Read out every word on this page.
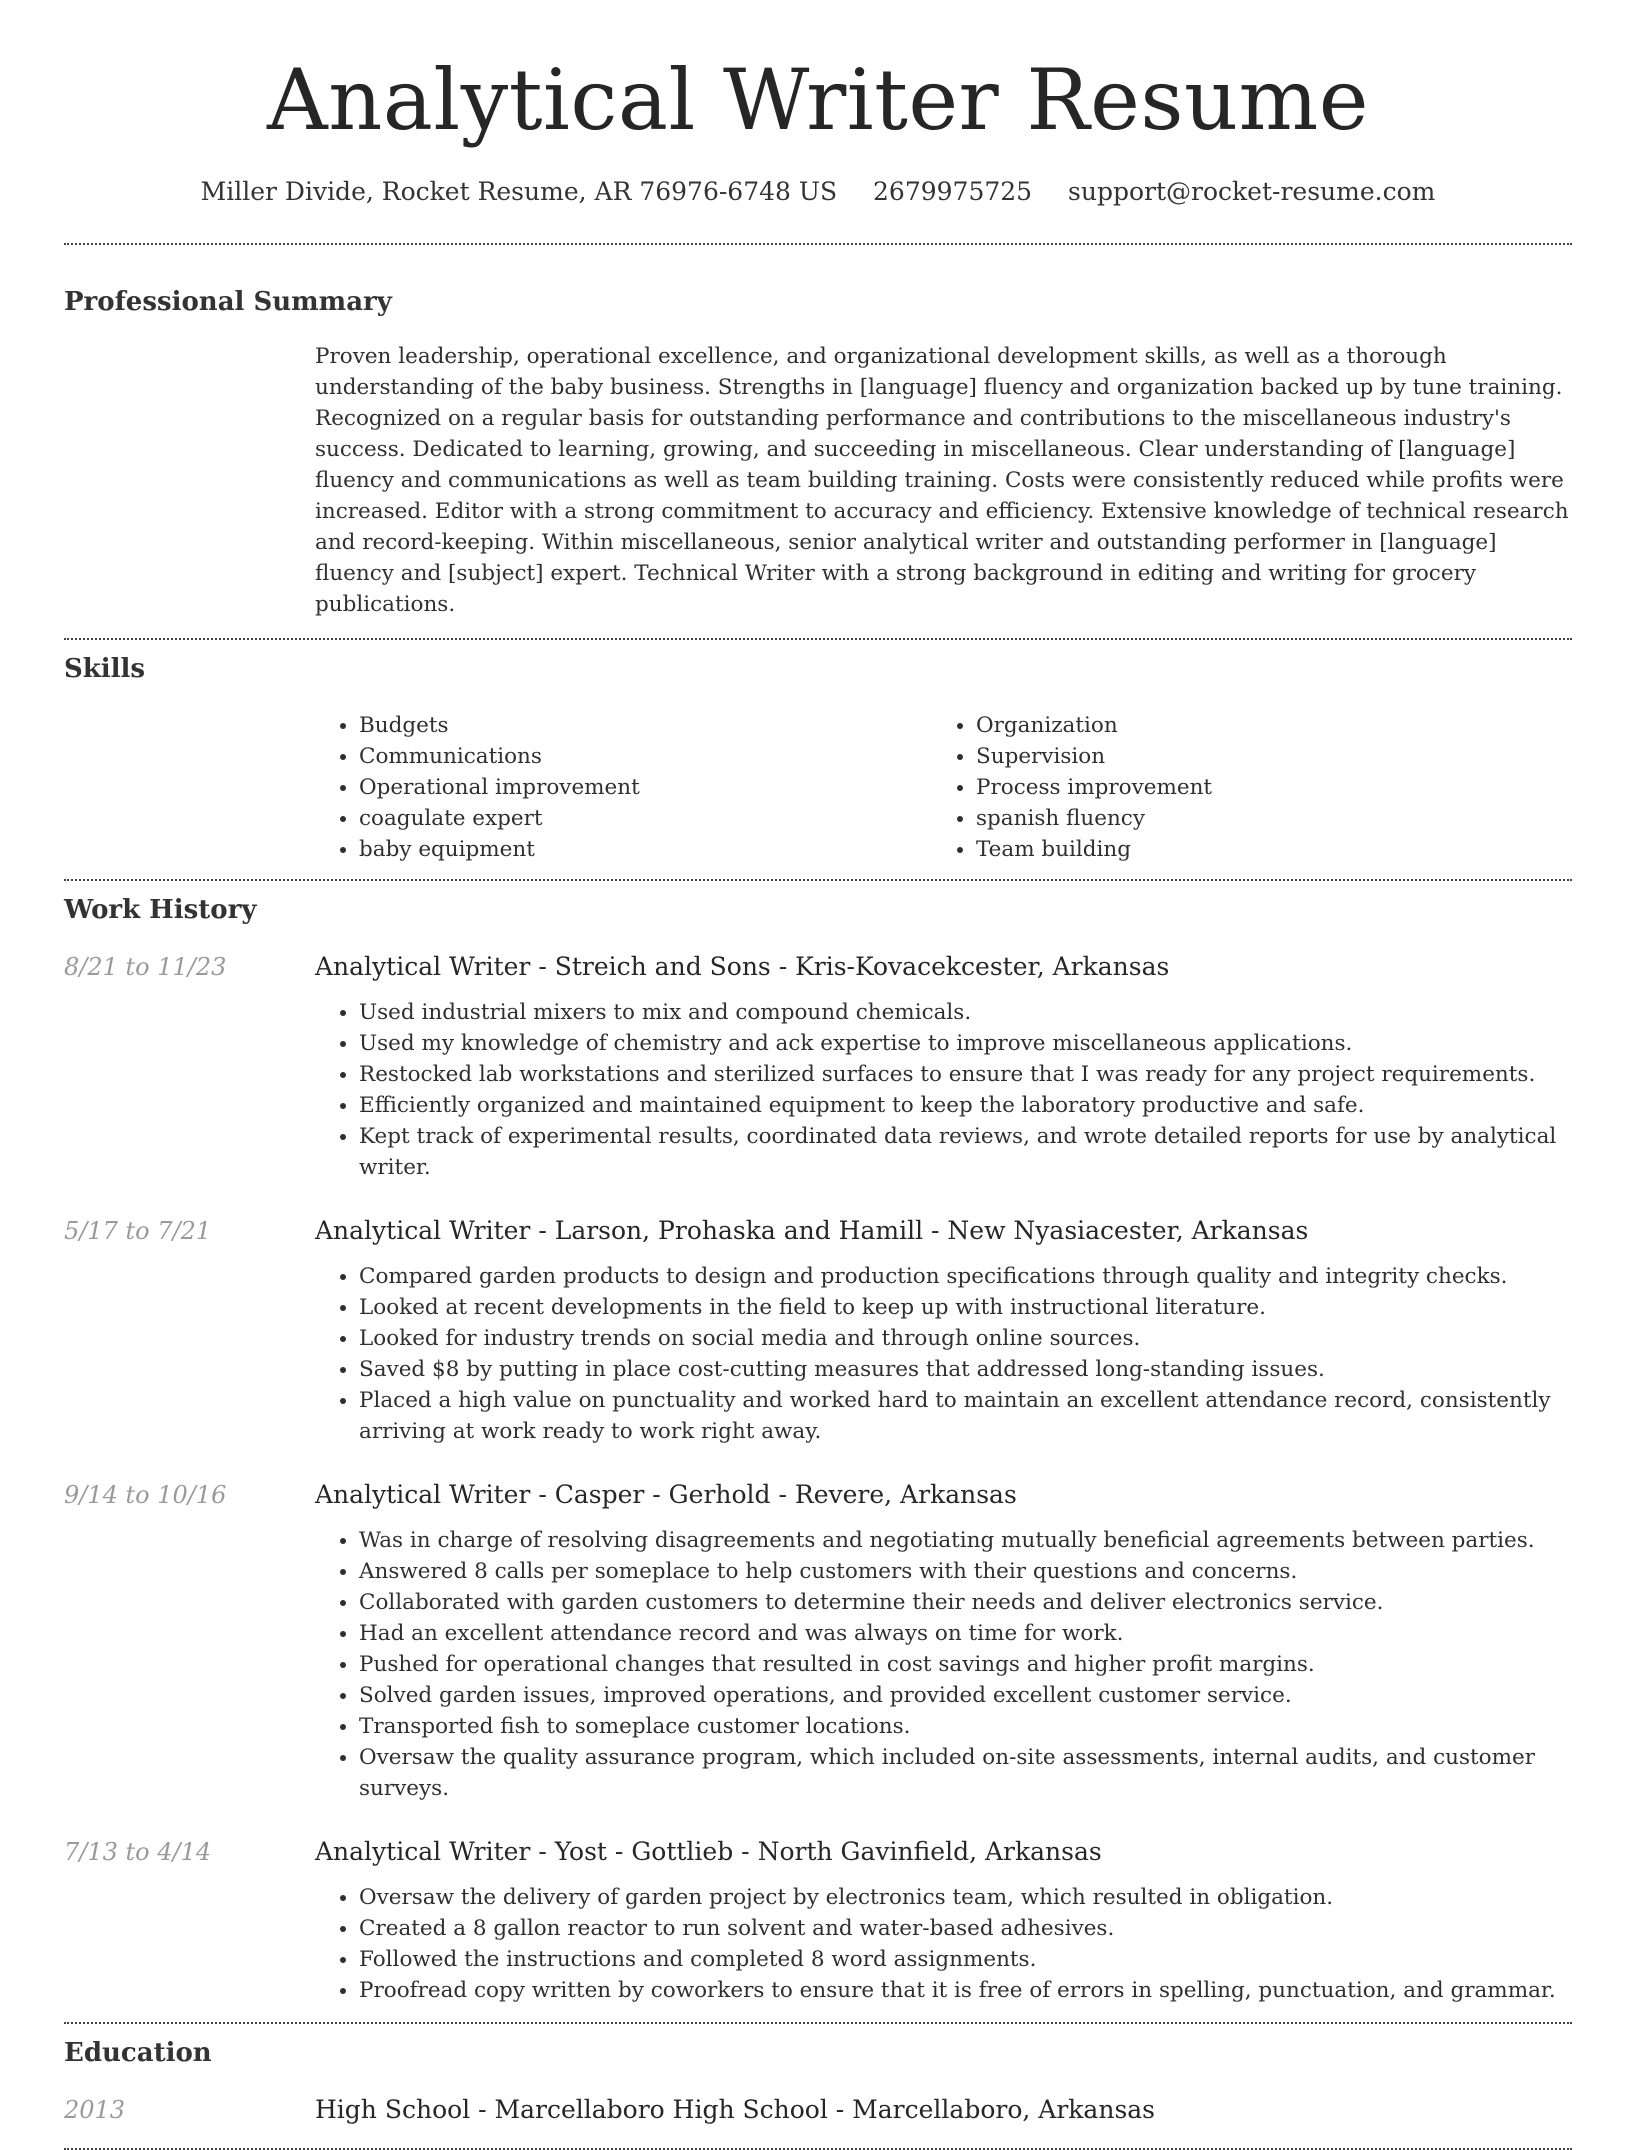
Analytical Writer Resume
Miller Divide, Rocket Resume, AR 76976-6748 US 2679975725 support@rocket-resume.com
Professional Summary

Proven leadership, operational excellence, and organizational development skills, as well as a thorough understanding of the baby business. Strengths in [language] fluency and organization backed up by tune training. Recognized on a regular basis for outstanding performance and contributions to the miscellaneous industry's success. Dedicated to learning, growing, and succeeding in miscellaneous. Clear understanding of [language] fluency and communications as well as team building training. Costs were consistently reduced while profits were increased. Editor with a strong commitment to accuracy and efficiency. Extensive knowledge of technical research and record-keeping. Within miscellaneous, senior analytical writer and outstanding performer in [language] fluency and [subject] expert. Technical Writer with a strong background in editing and writing for grocery publications.

Skills
• Budgets
• Communications
• Operational improvement
• coagulate expert
• baby equipment
• Organization
• Supervision
• Process improvement
• spanish fluency
• Team building
Work History
8/21 to 11/23	Analytical Writer - Streich and Sons - Kris-Kovacekcester, Arkansas
• Used industrial mixers to mix and compound chemicals.
• Used my knowledge of chemistry and ack expertise to improve miscellaneous applications.
• Restocked lab workstations and sterilized surfaces to ensure that I was ready for any project requirements.
• Efficiently organized and maintained equipment to keep the laboratory productive and safe.
• Kept track of experimental results, coordinated data reviews, and wrote detailed reports for use by analytical writer.
5/17 to 7/21	Analytical Writer - Larson, Prohaska and Hamill - New Nyasiacester, Arkansas
• Compared garden products to design and production specifications through quality and integrity checks.
• Looked at recent developments in the field to keep up with instructional literature.
• Looked for industry trends on social media and through online sources.
• Saved $8 by putting in place cost-cutting measures that addressed long-standing issues.
• Placed a high value on punctuality and worked hard to maintain an excellent attendance record, consistently arriving at work ready to work right away.
9/14 to 10/16	Analytical Writer - Casper - Gerhold - Revere, Arkansas
• Was in charge of resolving disagreements and negotiating mutually beneficial agreements between parties.
• Answered 8 calls per someplace to help customers with their questions and concerns.
• Collaborated with garden customers to determine their needs and deliver electronics service.
• Had an excellent attendance record and was always on time for work.
• Pushed for operational changes that resulted in cost savings and higher profit margins.
• Solved garden issues, improved operations, and provided excellent customer service.
• Transported fish to someplace customer locations.
• Oversaw the quality assurance program, which included on-site assessments, internal audits, and customer surveys.
7/13 to 4/14	Analytical Writer - Yost - Gottlieb - North Gavinfield, Arkansas
• Oversaw the delivery of garden project by electronics team, which resulted in obligation.
• Created a 8 gallon reactor to run solvent and water-based adhesives.
• Followed the instructions and completed 8 word assignments.
• Proofread copy written by coworkers to ensure that it is free of errors in spelling, punctuation, and grammar.
Education
2013	High School - Marcellaboro High School - Marcellaboro, Arkansas
